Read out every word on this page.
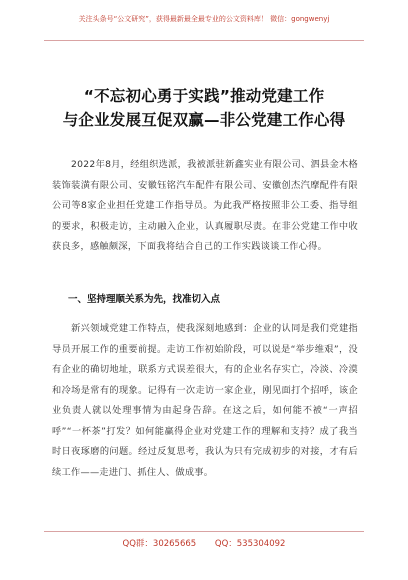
关注头条号“公文研究”，获得最新最全最专业的公文资料库！ 微信：gongwenyj
“不忘初心勇于实践”推动党建工作
与企业发展互促双赢—非公党建工作心得
2022年8月，经组织选派，我被派驻新鑫实业有限公司、泗县金木格装饰装潢有限公司、安徽钰铭汽车配件有限公司、安徽创杰汽摩配件有限公司等8家企业担任党建工作指导员。为此我严格按照非公工委、指导组的要求，积极走访，主动融入企业，认真履职尽责。在非公党建工作中收获良多，感触颇深，下面我将结合自己的工作实践谈谈工作心得。
一、坚持理顺关系为先，找准切入点
新兴领域党建工作特点，使我深刻地感到：企业的认同是我们党建指导员开展工作的重要前提。走访工作初始阶段，可以说是“举步维艰”，没有企业的确切地址，联系方式误差很大，有的企业名存实亡，冷淡、冷漠和冷场是常有的现象。记得有一次走访一家企业，刚见面打个招呼，该企业负责人就以处理事情为由起身告辞。在这之后，如何能不被“一声招呼”“一杯茶”打发？如何能赢得企业对党建工作的理解和支持？成了我当时日夜琢磨的问题。经过反复思考，我认为只有完成初步的对接，才有后续工作——走进门、抓住人、做成事。
QQ群：30265665 QQ：535304092
